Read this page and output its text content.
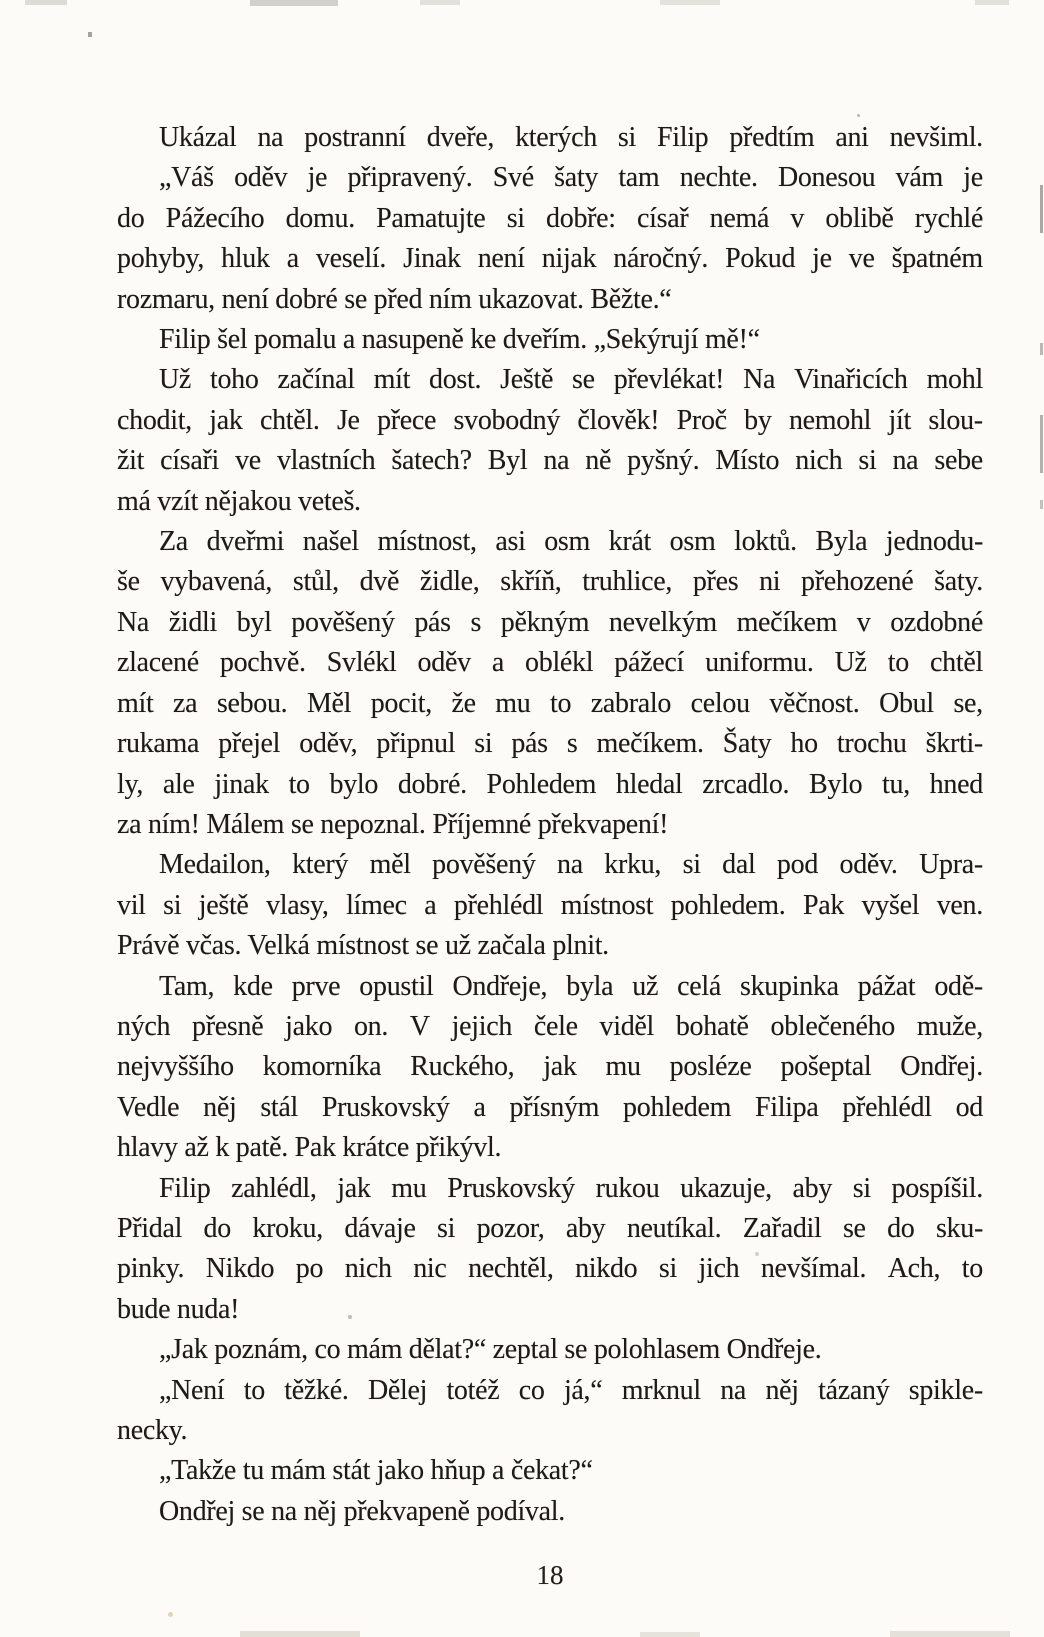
Ukázal na postranní dveře, kterých si Filip předtím ani nevšiml.
„Váš oděv je připravený. Své šaty tam nechte. Donesou vám je
do Pážecího domu. Pamatujte si dobře: císař nemá v oblibě rychlé
pohyby, hluk a veselí. Jinak není nijak náročný. Pokud je ve špatném
rozmaru, není dobré se před ním ukazovat. Běžte.“
Filip šel pomalu a nasupeně ke dveřím. „Sekýrují mě!“
Už toho začínal mít dost. Ještě se převlékat! Na Vinařicích mohl
chodit, jak chtěl. Je přece svobodný člověk! Proč by nemohl jít slou-
žit císaři ve vlastních šatech? Byl na ně pyšný. Místo nich si na sebe
má vzít nějakou veteš.
Za dveřmi našel místnost, asi osm krát osm loktů. Byla jednodu-
še vybavená, stůl, dvě židle, skříň, truhlice, přes ni přehozené šaty.
Na židli byl pověšený pás s pěkným nevelkým mečíkem v ozdobné
zlacené pochvě. Svlékl oděv a oblékl pážecí uniformu. Už to chtěl
mít za sebou. Měl pocit, že mu to zabralo celou věčnost. Obul se,
rukama přejel oděv, připnul si pás s mečíkem. Šaty ho trochu škrti-
ly, ale jinak to bylo dobré. Pohledem hledal zrcadlo. Bylo tu, hned
za ním! Málem se nepoznal. Příjemné překvapení!
Medailon, který měl pověšený na krku, si dal pod oděv. Upra-
vil si ještě vlasy, límec a přehlédl místnost pohledem. Pak vyšel ven.
Právě včas. Velká místnost se už začala plnit.
Tam, kde prve opustil Ondřeje, byla už celá skupinka pážat odě-
ných přesně jako on. V jejich čele viděl bohatě oblečeného muže,
nejvyššího komorníka Ruckého, jak mu posléze pošeptal Ondřej.
Vedle něj stál Pruskovský a přísným pohledem Filipa přehlédl od
hlavy až k patě. Pak krátce přikývl.
Filip zahlédl, jak mu Pruskovský rukou ukazuje, aby si pospíšil.
Přidal do kroku, dávaje si pozor, aby neutíkal. Zařadil se do sku-
pinky. Nikdo po nich nic nechtěl, nikdo si jich nevšímal. Ach, to
bude nuda!
„Jak poznám, co mám dělat?“ zeptal se polohlasem Ondřeje.
„Není to těžké. Dělej totéž co já,“ mrknul na něj tázaný spikle-
necky.
„Takže tu mám stát jako hňup a čekat?“
Ondřej se na něj překvapeně podíval.
18
